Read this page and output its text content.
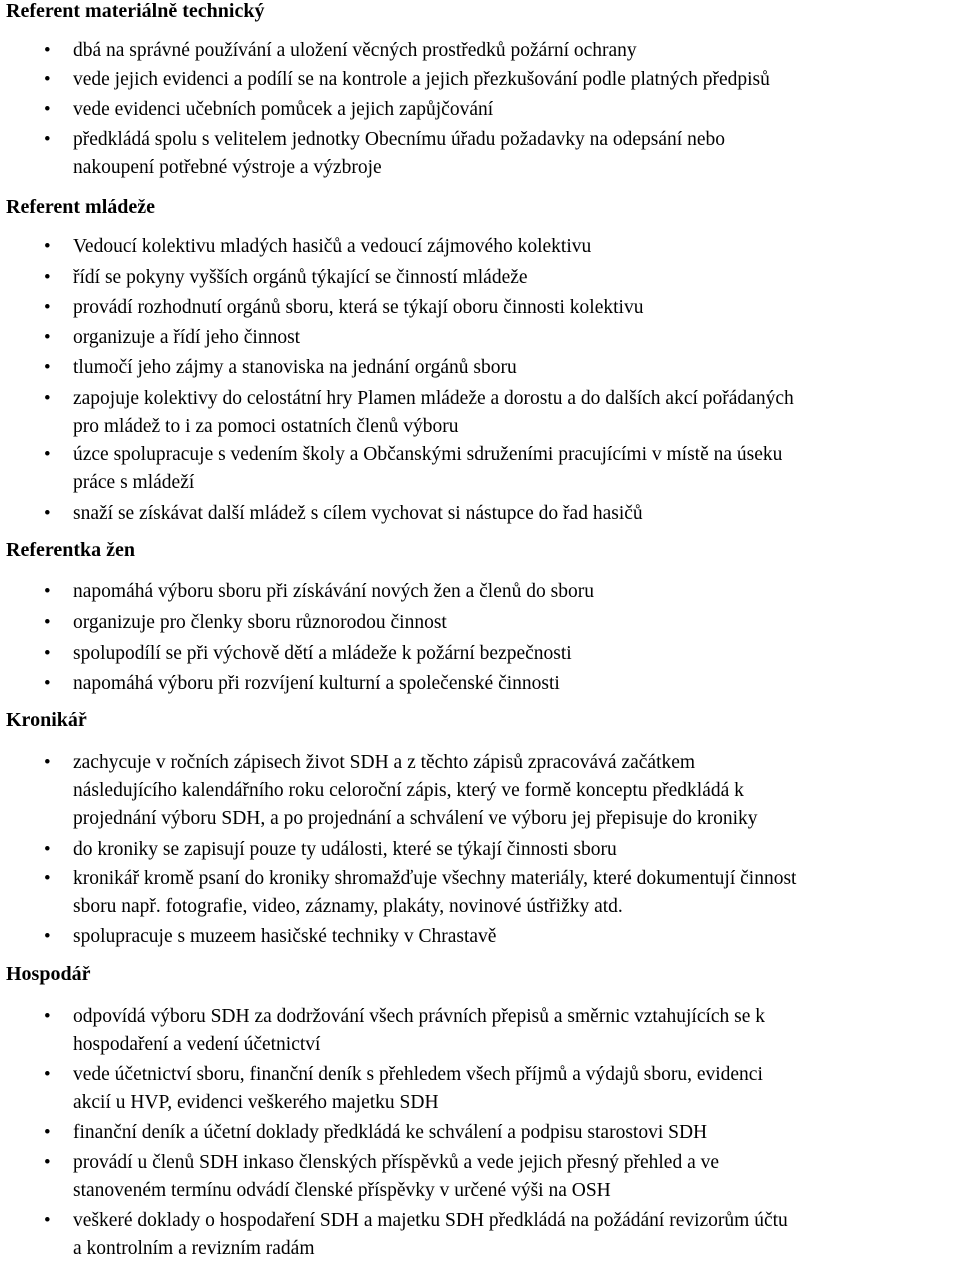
Referent materiálně technický
•	dbá na správné používání a uložení věcných prostředků požární ochrany
•	vede jejich evidenci a podílí se na kontrole a jejich přezkušování podle platných předpisů
•	vede evidenci učebních pomůcek a jejich zapůjčování
•	předkládá spolu s velitelem jednotky Obecnímu úřadu požadavky na odepsání nebo
nakoupení potřebné výstroje a výzbroje
Referent mládeže
•	Vedoucí kolektivu mladých hasičů a vedoucí zájmového kolektivu
•	řídí se pokyny vyšších orgánů týkající se činností mládeže
•	provádí rozhodnutí orgánů sboru, která se týkají oboru činnosti kolektivu
•	organizuje a řídí jeho činnost
•	tlumočí jeho zájmy a stanoviska na jednání orgánů sboru
•	zapojuje kolektivy do celostátní hry Plamen mládeže a dorostu a do dalších akcí pořádaných
pro mládež to i za pomoci ostatních členů výboru
•	úzce spolupracuje s vedením školy a Občanskými sdruženími pracujícími v místě na úseku
práce s mládeží
•	snaží se získávat další mládež s cílem vychovat si nástupce do řad hasičů
Referentka žen
•	napomáhá výboru sboru při získávání nových žen a členů do sboru
•	organizuje pro členky sboru různorodou činnost
•	spolupodílí se při výchově dětí a mládeže k požární bezpečnosti
•	napomáhá výboru při rozvíjení kulturní a společenské činnosti
Kronikář
•	zachycuje v ročních zápisech život SDH a z těchto zápisů zpracovává začátkem
následujícího kalendářního roku celoroční zápis, který ve formě konceptu předkládá k
projednání výboru SDH, a po projednání a schválení ve výboru jej přepisuje do kroniky
•	do kroniky se zapisují pouze ty události, které se týkají činnosti sboru
•	kronikář kromě psaní do kroniky shromažďuje všechny materiály, které dokumentují činnost
sboru např. fotografie, video, záznamy, plakáty, novinové ústřižky atd.
•	spolupracuje s muzeem hasičské techniky v Chrastavě
Hospodář
•	odpovídá výboru SDH za dodržování všech právních přepisů a směrnic vztahujících se k
hospodaření a vedení účetnictví
•	vede účetnictví sboru, finanční deník s přehledem všech příjmů a výdajů sboru, evidenci
akcií u HVP, evidenci veškerého majetku SDH
•	finanční deník a účetní doklady předkládá ke schválení a podpisu starostovi SDH
•	provádí u členů SDH inkaso členských příspěvků a vede jejich přesný přehled a ve
stanoveném termínu odvádí členské příspěvky v určené výši na OSH
•	veškeré doklady o hospodaření SDH a majetku SDH předkládá na požádání revizorům účtu
a kontrolním a revizním radám
